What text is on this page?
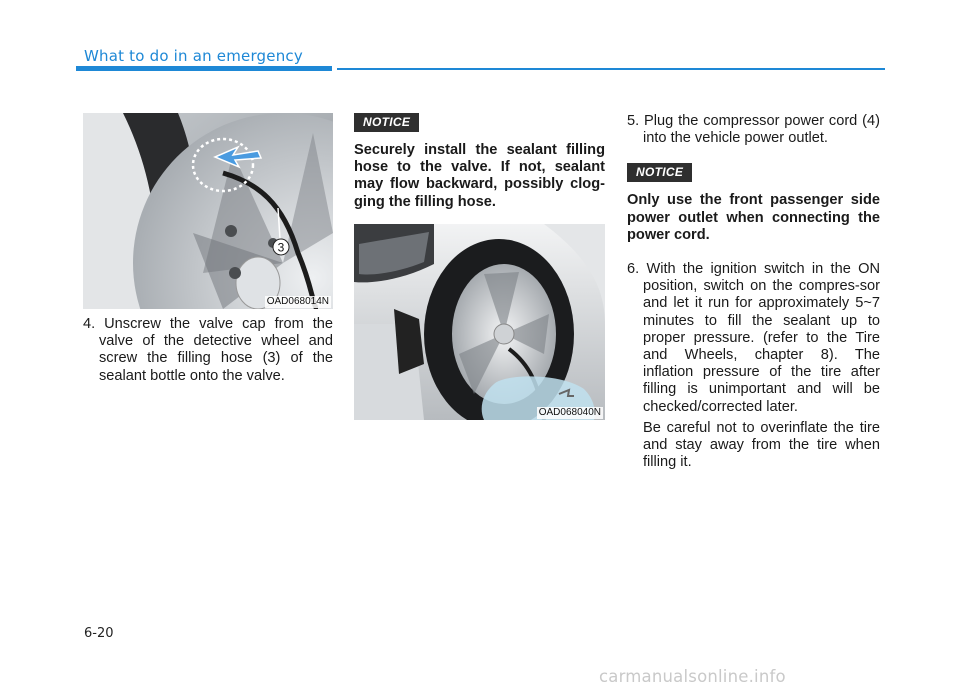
What to do in an emergency
3
OAD068014N

4. Unscrew the valve cap from the valve of the detective wheel and screw the filling hose (3) of the sealant bottle onto the valve.

NOTICE

Securely install the sealant filling hose to the valve. If not, sealant may flow backward, possibly clog-ging the filling hose.

OAD068040N

5. Plug the compressor power cord (4) into the vehicle power outlet.

NOTICE

Only use the front passenger side power outlet when connecting the power cord.

6. With the ignition switch in the ON position, switch on the compres-sor and let it run for approximately 5~7 minutes to fill the sealant up to proper pressure. (refer to the Tire and Wheels, chapter 8). The inflation pressure of the tire after filling is unimportant and will be checked/corrected later.

Be careful not to overinflate the tire and stay away from the tire when filling it.

6-20
carmanualsonline.info
